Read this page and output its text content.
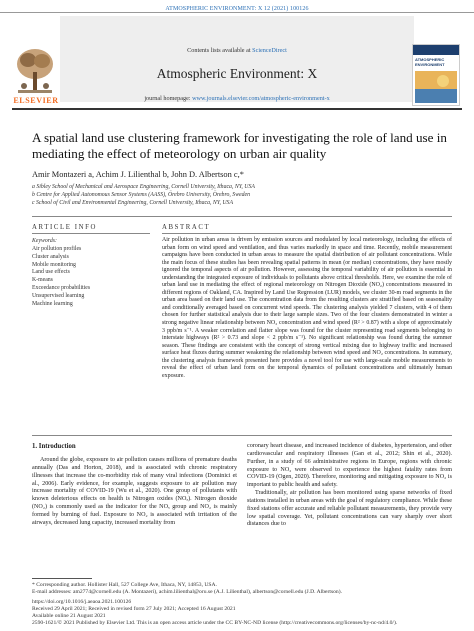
ATMOSPHERIC ENVIRONMENT: X 12 (2021) 100126
Contents lists available at ScienceDirect
Atmospheric Environment: X
journal homepage: www.journals.elsevier.com/atmospheric-environment-x
ELSEVIER
ATMOSPHERIC ENVIRONMENT
A spatial land use clustering framework for investigating the role of land use in mediating the effect of meteorology on urban air quality
Amir Montazeri a, Achim J. Lilienthal b, John D. Albertson c,*
a Sibley School of Mechanical and Aerospace Engineering, Cornell University, Ithaca, NY, USA
b Centre for Applied Autonomous Sensor Systems (AASS), Örebro University, Örebro, Sweden
c School of Civil and Environmental Engineering, Cornell University, Ithaca, NY, USA
ARTICLE INFO	ABSTRACT
Keywords:
Air pollution profiles
Cluster analysis
Mobile monitoring
Land use effects
K-means
Exceedance probabilities
Unsupervised learning
Machine learning
Air pollution in urban areas is driven by emission sources and modulated by local meteorology, including the effects of urban form on wind speed and ventilation, and thus varies markedly in space and time. Recently, mobile measurement campaigns have been conducted in urban areas to measure the spatial distribution of air pollutant concentrations. While the main focus of these studies has been revealing spatial patterns in mean (or median) concentrations, they have mostly ignored the temporal aspects of air pollution. However, assessing the temporal variability of air pollution is essential in understanding the integrated exposure of individuals to pollutants above critical thresholds. Here, we examine the role of urban land use in mediating the effect of regional meteorology on Nitrogen Dioxide (NO₂) concentrations measured in different regions of Oakland, CA. Inspired by Land Use Regression (LUR) models, we cluster 30-m road segments in the urban area based on their land use. The concentration data from the resulting clusters are stratified based on seasonality and conditionally averaged based on concurrent wind speeds. The clustering analysis yielded 7 clusters, with 4 of them chosen for further statistical analysis due to their large sample sizes. Two of the four clusters demonstrated in winter a strong negative linear relationship between NO₂ concentration and wind speed (R² > 0.87) with a slope of approximately 3 ppb/m s⁻¹. A weaker correlation and flatter slope was found for the cluster representing road segments belonging to interstate highways (R² > 0.73 and slope < 2 ppb/m s⁻¹). No significant relationship was found during the summer season. These findings are consistent with the concept of strong vertical mixing due to highway traffic and increased surface heat fluxes during summer weakening the relationship between wind speed and NO₂ concentrations. In summary, the clustering analysis framework presented here provides a novel tool for use with large-scale mobile measurements to reveal the effect of urban land form on the temporal dynamics of pollutant concentrations and ultimately human exposure.
1. Introduction
Around the globe, exposure to air pollution causes millions of premature deaths annually (Das and Horton, 2018), and is associated with chronic respiratory illnesses that increase the co-morbidity risk of many viral infections (Dominici et al., 2006). Early evidence, for example, suggests exposure to air pollution may increase mortality of COVID-19 (Wu et al., 2020). One group of pollutants with known deleterious effects on health is Nitrogen oxides (NOₓ). Nitrogen dioxide (NO₂) is commonly used as the indicator for the NOₓ group and NO₂ is mainly formed by burning of fuel. Exposure to NO₂ is associated with irritation of the airways, decreased lung capacity, increased mortality from

coronary heart disease, and increased incidence of diabetes, hypertension, and other cardiovascular and respiratory illnesses (Gan et al., 2012; Shin et al., 2020). Further, in a study of 66 administrative regions in Europe, regions with chronic exposure to NO₂ were observed to experience the highest fatality rates from COVID-19 (Ogen, 2020). Therefore, monitoring and mitigating exposure to NO₂ is important to public health and safety.

Traditionally, air pollution has been monitored using sparse networks of fixed stations installed in urban areas with the goal of regulatory compliance. While these fixed stations offer accurate and reliable pollutant measurements, they provide very low spatial coverage. Yet, pollutant concentrations can vary sharply over short distances due to

* Corresponding author. Hollister Hall, 527 College Ave, Ithaca, NY, 14853, USA.
E-mail addresses: am2774@cornell.edu (A. Montazeri), achim.lilienthal@oru.se (A.J. Lilienthal), albertson@cornell.edu (J.D. Albertson).
https://doi.org/10.1016/j.aeaoa.2021.100126
Received 29 April 2021; Received in revised form 27 July 2021; Accepted 16 August 2021
Available online 21 August 2021
2590-1621/© 2021 Published by Elsevier Ltd. This is an open access article under the CC BY-NC-ND license (http://creativecommons.org/licenses/by-nc-nd/4.0/).
